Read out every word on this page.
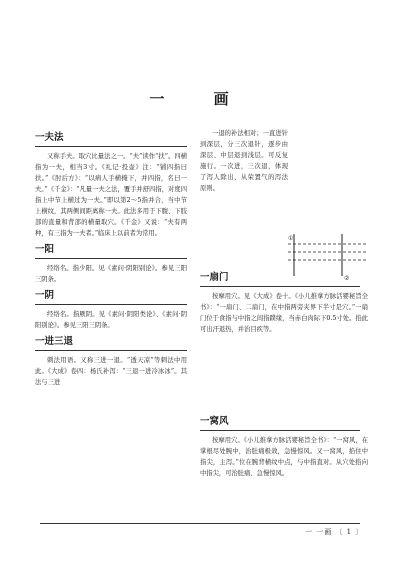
一 画
一夫法

又称手夫。取穴比量法之一。“夫”读作“扶”。四横指为一夫，相当3寸。《礼记·投壶》注：“铺四指曰扶。”《肘后方》：“以病人手横掩下，并四指，名曰一夫。”《千金》：“凡量一夫之法，覆手并舒四指，对度四指上中节上横过为一夫。”即以第2～5指并合，当中节上横纹，其两侧间距离称一夫。此法多用于下腹、下肢部的直量和背部的横量取穴。《千金》又说：“夫有两种，有三指为一夫者。”临床上以前者为常用。

一阳

经络名。指少阳。见《素问·阴阳别论》。参见三阳三阴条。

一阴

经络名。指厥阴。见《素问·阴阳类论》、《素问·阴阳别论》。参见三阳三阴条。

一进三退

刺法用语。又称三进一退。“透天凉”等刺法中用此。《大成》卷四：杨氏补泻：“三退一进冷冰冰”。其法与三进

一退的补法相对；一直进针到深层，分三次退针，逐步由深层、中层退到浅层。可反复施行。一次进，三次退，体现了泻人除出、从荣置气的泻法原则。

一扇门

按摩用穴。见《大成》卷十。《小儿推拿方脉活婴秘旨全书》：“一扇门、二扇门，在中指两旁夹界下半寸是穴。”一扇门位于食指与中指之间指蹼缘，当赤白肉际下0.5寸处。掐此可出汗退热，并治目疾等。

一窝风

按摩用穴。《小儿推拿方脉活婴秘旨全书》：“一窝风，在掌根尽处腕中，治肚痛极效，急慢惊风。又一窝风，掐住中指尖，主泻。”位在腕背横纹中点，与中指直对。从穴处掐向中指尖，可治肚痛、急慢惊风。

①
②
一 一画 〔 1 〕
